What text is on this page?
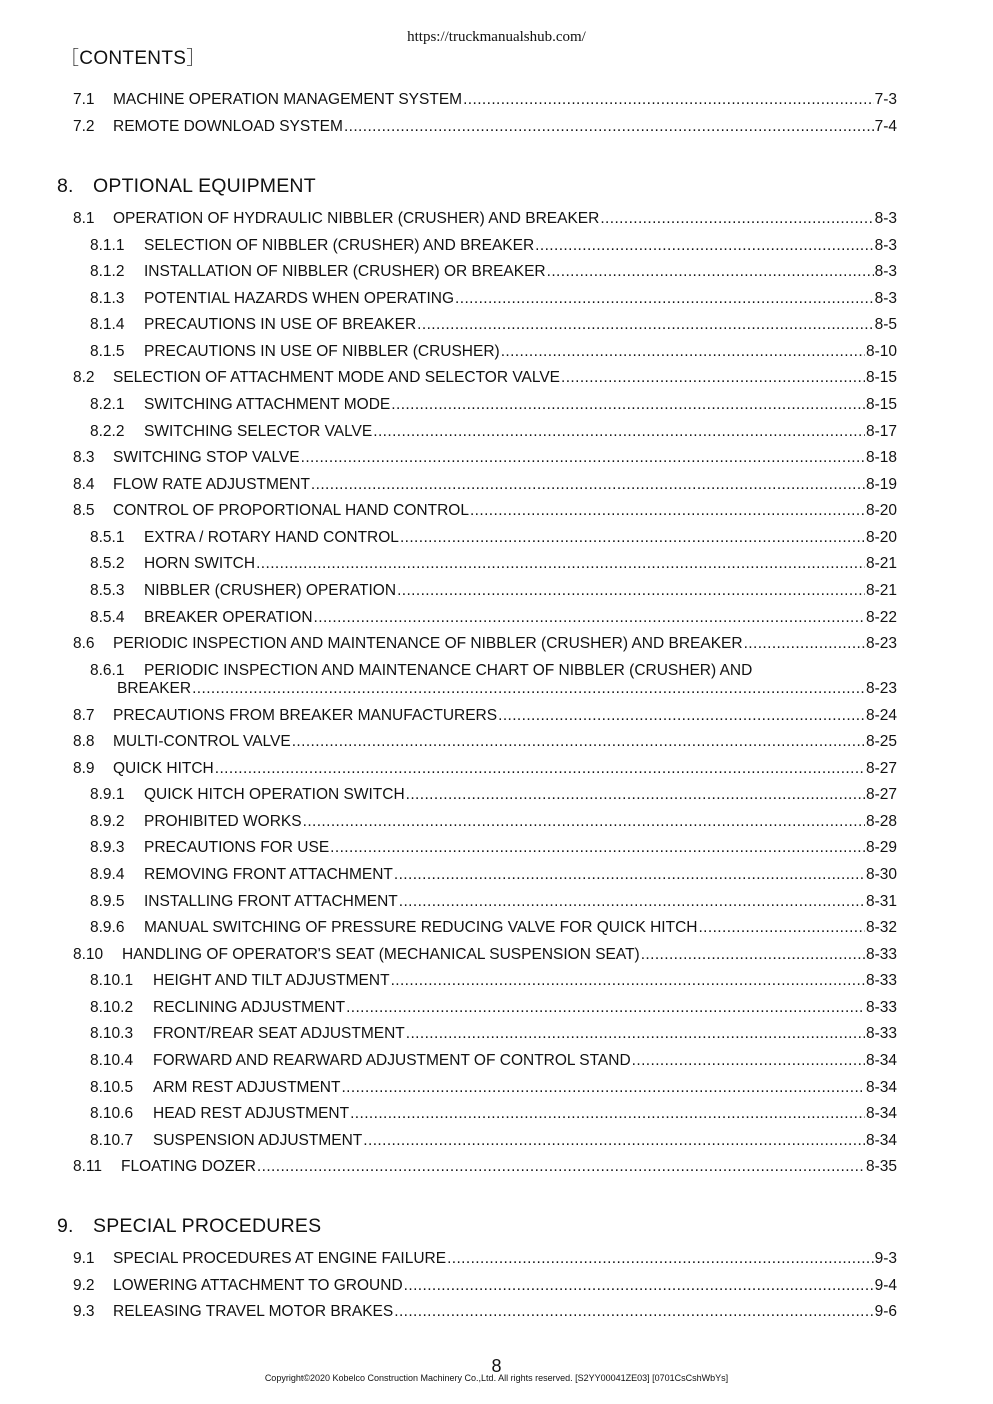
https://truckmanualshub.com/
［CONTENTS］
7.1	MACHINE OPERATION MANAGEMENT SYSTEM .....	7-3
7.2	REMOTE DOWNLOAD SYSTEM .....	7-4
8. OPTIONAL EQUIPMENT
8.1	OPERATION OF HYDRAULIC NIBBLER (CRUSHER) AND BREAKER .....	8-3
8.1.1	SELECTION OF NIBBLER (CRUSHER) AND BREAKER .....	8-3
8.1.2	INSTALLATION OF NIBBLER (CRUSHER) OR BREAKER .....	8-3
8.1.3	POTENTIAL HAZARDS WHEN OPERATING .....	8-3
8.1.4	PRECAUTIONS IN USE OF BREAKER .....	8-5
8.1.5	PRECAUTIONS IN USE OF NIBBLER (CRUSHER) .....	8-10
8.2	SELECTION OF ATTACHMENT MODE AND SELECTOR VALVE .....	8-15
8.2.1	SWITCHING ATTACHMENT MODE .....	8-15
8.2.2	SWITCHING SELECTOR VALVE .....	8-17
8.3	SWITCHING STOP VALVE .....	8-18
8.4	FLOW RATE ADJUSTMENT .....	8-19
8.5	CONTROL OF PROPORTIONAL HAND CONTROL .....	8-20
8.5.1	EXTRA / ROTARY HAND CONTROL .....	8-20
8.5.2	HORN SWITCH .....	8-21
8.5.3	NIBBLER (CRUSHER) OPERATION .....	8-21
8.5.4	BREAKER OPERATION .....	8-22
8.6	PERIODIC INSPECTION AND MAINTENANCE OF NIBBLER (CRUSHER) AND BREAKER .....	8-23
8.6.1 PERIODIC INSPECTION AND MAINTENANCE CHART OF NIBBLER (CRUSHER) AND
BREAKER .....	8-23
8.7	PRECAUTIONS FROM BREAKER MANUFACTURERS .....	8-24
8.8	MULTI-CONTROL VALVE .....	8-25
8.9	QUICK HITCH .....	8-27
8.9.1	QUICK HITCH OPERATION SWITCH .....	8-27
8.9.2	PROHIBITED WORKS .....	8-28
8.9.3	PRECAUTIONS FOR USE .....	8-29
8.9.4	REMOVING FRONT ATTACHMENT .....	8-30
8.9.5	INSTALLING FRONT ATTACHMENT .....	8-31
8.9.6	MANUAL SWITCHING OF PRESSURE REDUCING VALVE FOR QUICK HITCH .....	8-32
8.10	HANDLING OF OPERATOR'S SEAT (MECHANICAL SUSPENSION SEAT) .....	8-33
8.10.1	HEIGHT AND TILT ADJUSTMENT .....	8-33
8.10.2	RECLINING ADJUSTMENT .....	8-33
8.10.3	FRONT/REAR SEAT ADJUSTMENT .....	8-33
8.10.4	FORWARD AND REARWARD ADJUSTMENT OF CONTROL STAND .....	8-34
8.10.5	ARM REST ADJUSTMENT .....	8-34
8.10.6	HEAD REST ADJUSTMENT .....	8-34
8.10.7	SUSPENSION ADJUSTMENT .....	8-34
8.11	FLOATING DOZER .....	8-35
9. SPECIAL PROCEDURES
9.1	SPECIAL PROCEDURES AT ENGINE FAILURE .....	9-3
9.2	LOWERING ATTACHMENT TO GROUND .....	9-4
9.3	RELEASING TRAVEL MOTOR BRAKES .....	9-6
8
Copyright©2020 Kobelco Construction Machinery Co.,Ltd. All rights reserved. [S2YY00041ZE03] [0701CsCshWbYs]
